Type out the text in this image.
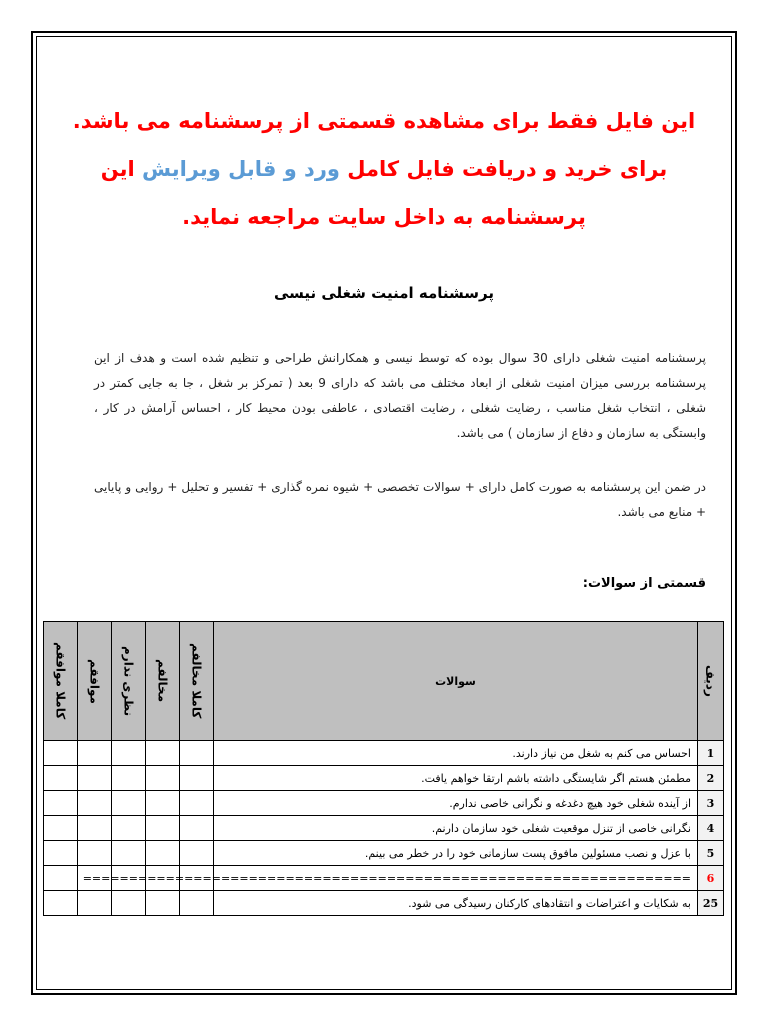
این فایل فقط برای مشاهده قسمتی از پرسشنامه می باشد.
برای خرید و دریافت فایل کامل ورد و قابل ویرایش این
پرسشنامه به داخل سایت مراجعه نماید.
پرسشنامه امنیت شغلی نیسی
پرسشنامه امنیت شغلی دارای 30 سوال بوده که توسط نیسی و همکارانش طراحی و تنظیم شده است و هدف از این پرسشنامه بررسی میزان امنیت شغلی از ابعاد مختلف می باشد که دارای 9 بعد ( تمرکز بر شغل ، جا به جایی کمتر در شغلی ، انتخاب شغل مناسب ، رضایت شغلی ، رضایت اقتصادی ، عاطفی بودن محیط کار ، احساس آرامش در کار ، وابستگی به سازمان و دفاع از سازمان ) می باشد.
در ضمن این پرسشنامه به صورت کامل دارای + سوالات تخصصی + شیوه نمره گذاری + تفسیر و تحلیل + روایی و پایایی + منابع می باشد.
قسمتی از سوالات:
ردیف	سوالات	کاملا مخالفم	مخالفم	نظری ندارم	موافقم	کاملا موافقم

1	احساس می کنم به شغل من نیاز دارند.					
2	مطمئن هستم اگر شایستگی داشته باشم ارتقا خواهم یافت.					
3	از آینده شغلی خود هیچ دغدغه و نگرانی خاصی ندارم.					
4	نگرانی خاصی از تنزل موقعیت شغلی خود سازمان دارنم.					
5	با عزل و نصب مسئولین مافوق پست سازمانی خود را در خطر می بینم.					
6	==================================================================					
25	به شکایات و اعتراضات و انتقادهای کارکنان رسیدگی می شود.					
